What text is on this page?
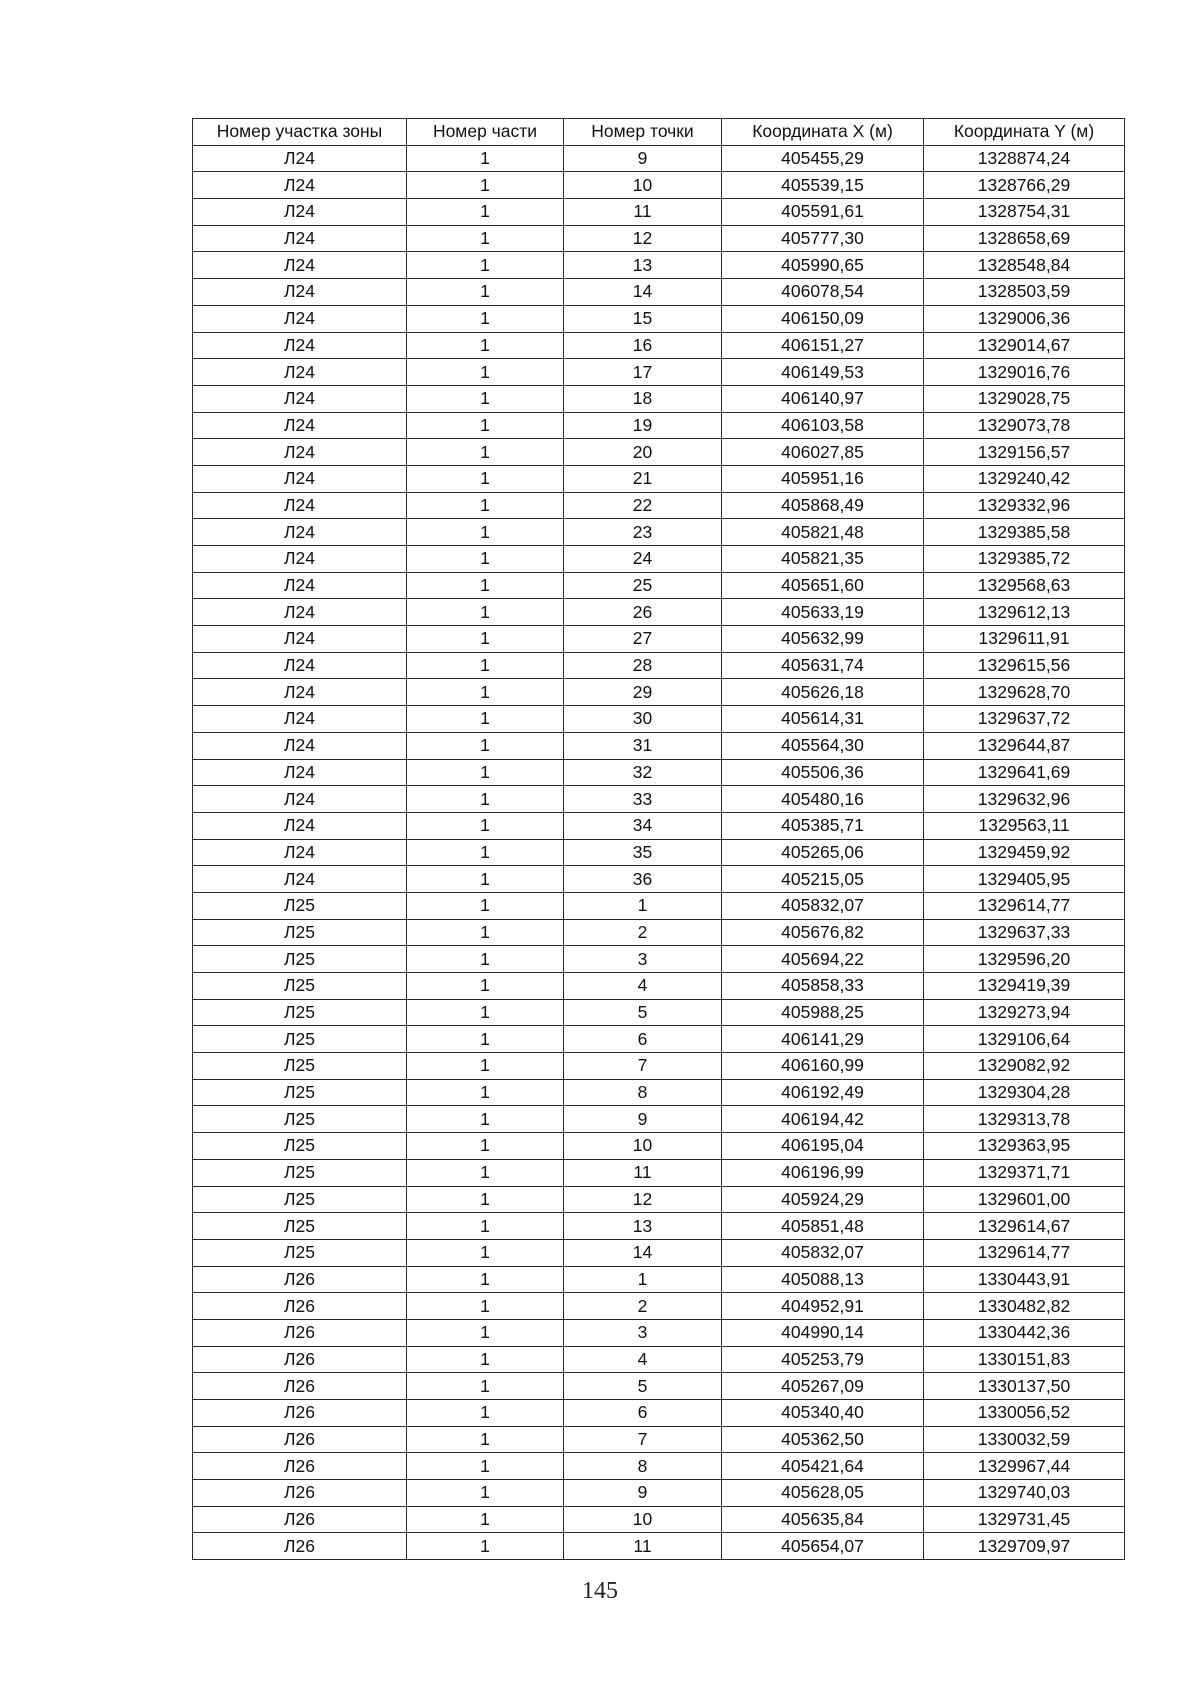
Номер участка зоны	Номер части	Номер точки	Координата X (м)	Координата Y (м)
Л24	1	9	405455,29	1328874,24
Л24	1	10	405539,15	1328766,29
Л24	1	11	405591,61	1328754,31
Л24	1	12	405777,30	1328658,69
Л24	1	13	405990,65	1328548,84
Л24	1	14	406078,54	1328503,59
Л24	1	15	406150,09	1329006,36
Л24	1	16	406151,27	1329014,67
Л24	1	17	406149,53	1329016,76
Л24	1	18	406140,97	1329028,75
Л24	1	19	406103,58	1329073,78
Л24	1	20	406027,85	1329156,57
Л24	1	21	405951,16	1329240,42
Л24	1	22	405868,49	1329332,96
Л24	1	23	405821,48	1329385,58
Л24	1	24	405821,35	1329385,72
Л24	1	25	405651,60	1329568,63
Л24	1	26	405633,19	1329612,13
Л24	1	27	405632,99	1329611,91
Л24	1	28	405631,74	1329615,56
Л24	1	29	405626,18	1329628,70
Л24	1	30	405614,31	1329637,72
Л24	1	31	405564,30	1329644,87
Л24	1	32	405506,36	1329641,69
Л24	1	33	405480,16	1329632,96
Л24	1	34	405385,71	1329563,11
Л24	1	35	405265,06	1329459,92
Л24	1	36	405215,05	1329405,95
Л25	1	1	405832,07	1329614,77
Л25	1	2	405676,82	1329637,33
Л25	1	3	405694,22	1329596,20
Л25	1	4	405858,33	1329419,39
Л25	1	5	405988,25	1329273,94
Л25	1	6	406141,29	1329106,64
Л25	1	7	406160,99	1329082,92
Л25	1	8	406192,49	1329304,28
Л25	1	9	406194,42	1329313,78
Л25	1	10	406195,04	1329363,95
Л25	1	11	406196,99	1329371,71
Л25	1	12	405924,29	1329601,00
Л25	1	13	405851,48	1329614,67
Л25	1	14	405832,07	1329614,77
Л26	1	1	405088,13	1330443,91
Л26	1	2	404952,91	1330482,82
Л26	1	3	404990,14	1330442,36
Л26	1	4	405253,79	1330151,83
Л26	1	5	405267,09	1330137,50
Л26	1	6	405340,40	1330056,52
Л26	1	7	405362,50	1330032,59
Л26	1	8	405421,64	1329967,44
Л26	1	9	405628,05	1329740,03
Л26	1	10	405635,84	1329731,45
Л26	1	11	405654,07	1329709,97
145
